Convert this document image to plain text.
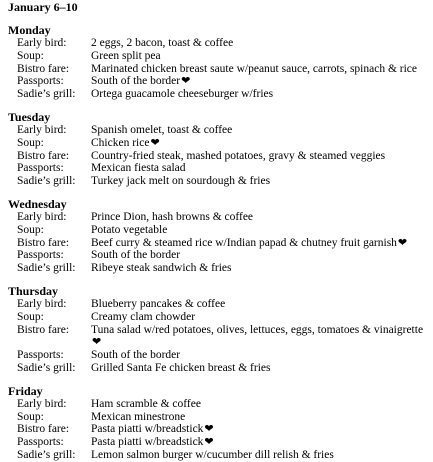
January 6–10

Monday

Early bird:	2 eggs, 2 bacon, toast & coffee
Soup:	Green split pea
Bistro fare:	Marinated chicken breast saute w/peanut sauce, carrots, spinach & rice
Passports:	South of the border❤
Sadie’s grill:	Ortega guacamole cheeseburger w/fries

Tuesday

Early bird:	Spanish omelet, toast & coffee
Soup:	Chicken rice❤
Bistro fare:	Country-fried steak, mashed potatoes, gravy & steamed veggies
Passports:	Mexican fiesta salad
Sadie’s grill:	Turkey jack melt on sourdough & fries

Wednesday

Early bird:	Prince Dion, hash browns & coffee
Soup:	Potato vegetable
Bistro fare:	Beef curry & steamed rice w/Indian papad & chutney fruit garnish❤
Passports:	South of the border
Sadie’s grill:	Ribeye steak sandwich & fries

Thursday

Early bird:	Blueberry pancakes & coffee
Soup:	Creamy clam chowder
Bistro fare:	Tuna salad w/red potatoes, olives, lettuces, eggs, tomatoes & vinaigrette❤
Passports:	South of the border
Sadie’s grill:	Grilled Santa Fe chicken breast & fries

Friday

Early bird:	Ham scramble & coffee
Soup:	Mexican minestrone
Bistro fare:	Pasta piatti w/breadstick❤
Passports:	Pasta piatti w/breadstick❤
Sadie’s grill:	Lemon salmon burger w/cucumber dill relish & fries
